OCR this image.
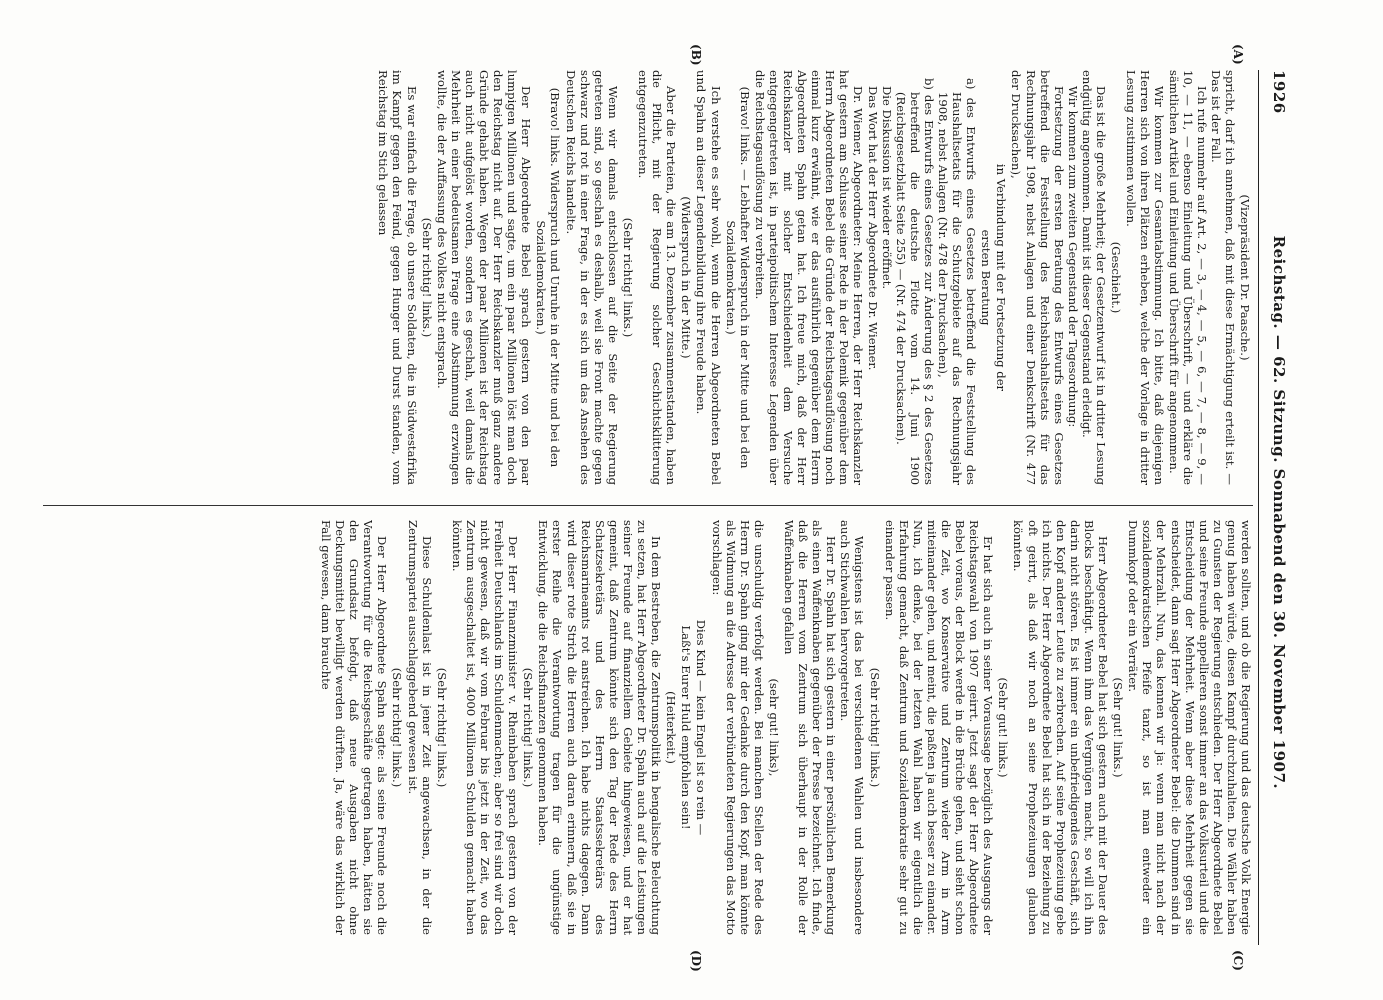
1926
Reichstag. — 62. Sitzung. Sonnabend den 30. November 1907.
(A)
(B)
(C)
(D)

(Vizepräsident Dr. Paasche.)

spricht, darf ich annehmen, daß mit diese Ermächtigung erteilt ist. — Das ist der Fall.

Ich rufe nunmehr auf Art. 2, — 3, — 4, — 5, — 6, — 7, — 8, — 9, — 10, — 11, — ebenso Einleitung und Überschrift, — und erkläre die sämtlichen Artikel und Einleitung und Überschrift für angenommen.

Wir kommen zur Gesamtabstimmung. Ich bitte, daß diejenigen Herren sich von ihren Plätzen erheben, welche der Vorlage in dritter Lesung zustimmen wollen.

(Geschieht.)

Das ist die große Mehrheit; der Gesetzentwurf ist in dritter Lesung endgültig angenommen. Damit ist dieser Gegenstand erledigt.

Wir kommen zum zweiten Gegenstand der Tagesordnung:

Fortsetzung der ersten Beratung des Entwurfs eines Gesetzes betreffend die Feststellung des Reichshaushaltsetats für das Rechnungsjahr 1908, nebst Anlagen und einer Denkschrift (Nr. 477 der Drucksachen),

in Verbindung mit der Fortsetzung der

ersten Beratung

a) des Entwurfs eines Gesetzes betreffend die Feststellung des Haushaltsetats für die Schutzgebiete auf das Rechnungsjahr 1908, nebst Anlagen (Nr. 478 der Drucksachen),

b) des Entwurfs eines Gesetzes zur Änderung des § 2 des Gesetzes betreffend die deutsche Flotte vom 14. Juni 1900 (Reichsgesetzblatt Seite 255) — (Nr. 474 der Drucksachen).

Die Diskussion ist wieder eröffnet.

Das Wort hat der Herr Abgeordnete Dr. Wiemer.

Dr. Wiemer, Abgeordneter: Meine Herren, der Herr Reichskanzler hat gestern am Schlusse seiner Rede in der Polemik gegenüber dem Herrn Abgeordneten Bebel die Gründe der Reichstagsauflösung noch einmal kurz erwähnt, wie er das ausführlich gegenüber dem Herrn Abgeordneten Spahn getan hat. Ich freue mich, daß der Herr Reichskanzler mit solcher Entschiedenheit dem Versuche entgegengetreten ist, in parteipolitischem Interesse Legenden über die Reichstagsauflösung zu verbreiten.

(Bravo! links. — Lebhafter Widerspruch in der Mitte und bei den Sozialdemokraten.)

Ich verstehe es sehr wohl, wenn die Herren Abgeordneten Bebel und Spahn an dieser Legendenbildung ihre Freude haben.

(Widerspruch in der Mitte.)

Aber die Parteien, die am 13. Dezember zusammenstanden, haben die Pflicht, mit der Regierung solcher Geschichtsklitterung entgegenzutreten.

(Sehr richtig! links.)

Wenn wir damals entschlossen auf die Seite der Regierung getreten sind, so geschah es deshalb, weil sie Front machte gegen schwarz und rot in einer Frage, in der es sich um das Ansehen des Deutschen Reichs handelte.

(Bravo! links. Widerspruch und Unruhe in der Mitte und bei den Sozialdemokraten.)

Der Herr Abgeordnete Bebel sprach gestern von den paar lumpigen Millionen und sagte, um ein paar Millionen löst man doch den Reichstag nicht auf. Der Herr Reichskanzler muß ganz andere Gründe gehabt haben. Wegen der paar Millionen ist der Reichstag auch nicht aufgelöst worden, sondern es geschah, weil damals die Mehrheit in einer bedeutsamen Frage eine Abstimmung erzwingen wollte, die der Auffassung des Volkes nicht entsprach.

(Sehr richtig! links.)

Es war einfach die Frage, ob unsere Soldaten, die in Südwestafrika im Kampf gegen den Feind, gegen Hunger und Durst standen, vom Reichstag im Stich gelassen

werden sollten, und ob die Regierung und das deutsche Volk Energie genug haben würde, diesen Kampf durchzuhalten. Die Wähler haben zu Gunsten der Regierung entschieden. Der Herr Abgeordnete Bebel und seine Freunde appellieren sonst immer an das Volksurteil und die Entscheidung der Mehrheit. Wenn aber diese Mehrheit gegen sie entscheidet, dann sagt Herr Abgeordneter Bebel: die Dummen sind in der Mehrzahl. Nun, das kennen wir ja: wenn man nicht nach der sozialdemokratischen Pfeife tanzt, so ist man entweder ein Dummkopf oder ein Verräter.

(Sehr gut! links.)

Herr Abgeordneter Bebel hat sich gestern auch mit der Dauer des Blocks beschäftigt. Wenn ihm das Vergnügen macht, so will ich ihn darin nicht stören. Es ist immer ein unbefriedigendes Geschäft, sich den Kopf anderer Leute zu zerbrechen. Auf seine Prophezeiung gebe ich nichts. Der Herr Abgeordnete Bebel hat sich in der Beziehung zu oft geirrt, als daß wir noch an seine Prophezeiungen glauben könnten.

(Sehr gut! links.)

Er hat sich auch in seiner Voraussage bezüglich des Ausgangs der Reichstagswahl von 1907 geirrt. Jetzt sagt der Herr Abgeordnete Bebel voraus, der Block werde in die Brüche gehen, und sieht schon die Zeit, wo Konservative und Zentrum wieder Arm in Arm miteinander gehen, und meint, die paßten ja auch besser zu einander. Nun, ich denke, bei der letzten Wahl haben wir eigentlich die Erfahrung gemacht, daß Zentrum und Sozialdemokratie sehr gut zu einander passen.

(Sehr richtig! links.)

Wenigstens ist das bei verschiedenen Wahlen und insbesondere auch Stichwahlen hervorgetreten.

Herr Dr. Spahn hat sich gestern in einer persönlichen Bemerkung als einen Waffenknaben gegenüber der Presse bezeichnet. Ich finde, daß die Herren vom Zentrum sich überhaupt in der Rolle der Waffenknaben gefallen

(sehr gut! links),

die unschuldig verfolgt werden. Bei manchen Stellen der Rede des Herrn Dr. Spahn ging mir der Gedanke durch den Kopf, man könnte als Widmung an die Adresse der verbündeten Regierungen das Motto vorschlagen:

Dies Kind — kein Engel ist so rein —

Laßt's Eurer Huld empfohlen sein!

(Heiterkeit.)

In dem Bestreben, die Zentrumspolitik in bengalische Beleuchtung zu setzen, hat Herr Abgeordneter Dr. Spahn auch auf die Leistungen seiner Freunde auf finanziellem Gebiete hingewiesen, und er hat gemeint, daß Zentrum könnte sich den Tag der Rede des Herrn Schatzsekretärs und des Herrn Staatssekretärs des Reichsmarineamts rot anstreichen. Ich habe nichts dagegen. Dann wird dieser rote Strich die Herren auch daran erinnern, daß sie in erster Reihe die Verantwortung tragen für die ungünstige Entwicklung, die die Reichsfinanzen genommen haben.

(Sehr richtig! links.)

Der Herr Finanzminister v. Rheinbaben sprach gestern von der Freiheit Deutschlands im Schuldenmachen; aber so frei sind wir doch nicht gewesen, daß wir vom Februar bis jetzt in der Zeit, wo das Zentrum ausgeschaltet ist, 4000 Millionen Schulden gemacht haben könnten.

(Sehr richtig! links.)

Diese Schuldenlast ist in jener Zeit angewachsen, in der die Zentrumspartei ausschlaggebend gewesen ist.

(Sehr richtig! links.)

Der Herr Abgeordnete Spahn sagte: als seine Freunde noch die Verantwortung für die Reichsgeschäfte getragen haben, hätten sie den Grundsatz befolgt, daß neue Ausgaben nicht ohne Deckungsmittel bewilligt werden dürften. Ja, wäre das wirklich der Fall gewesen, dann brauchte
